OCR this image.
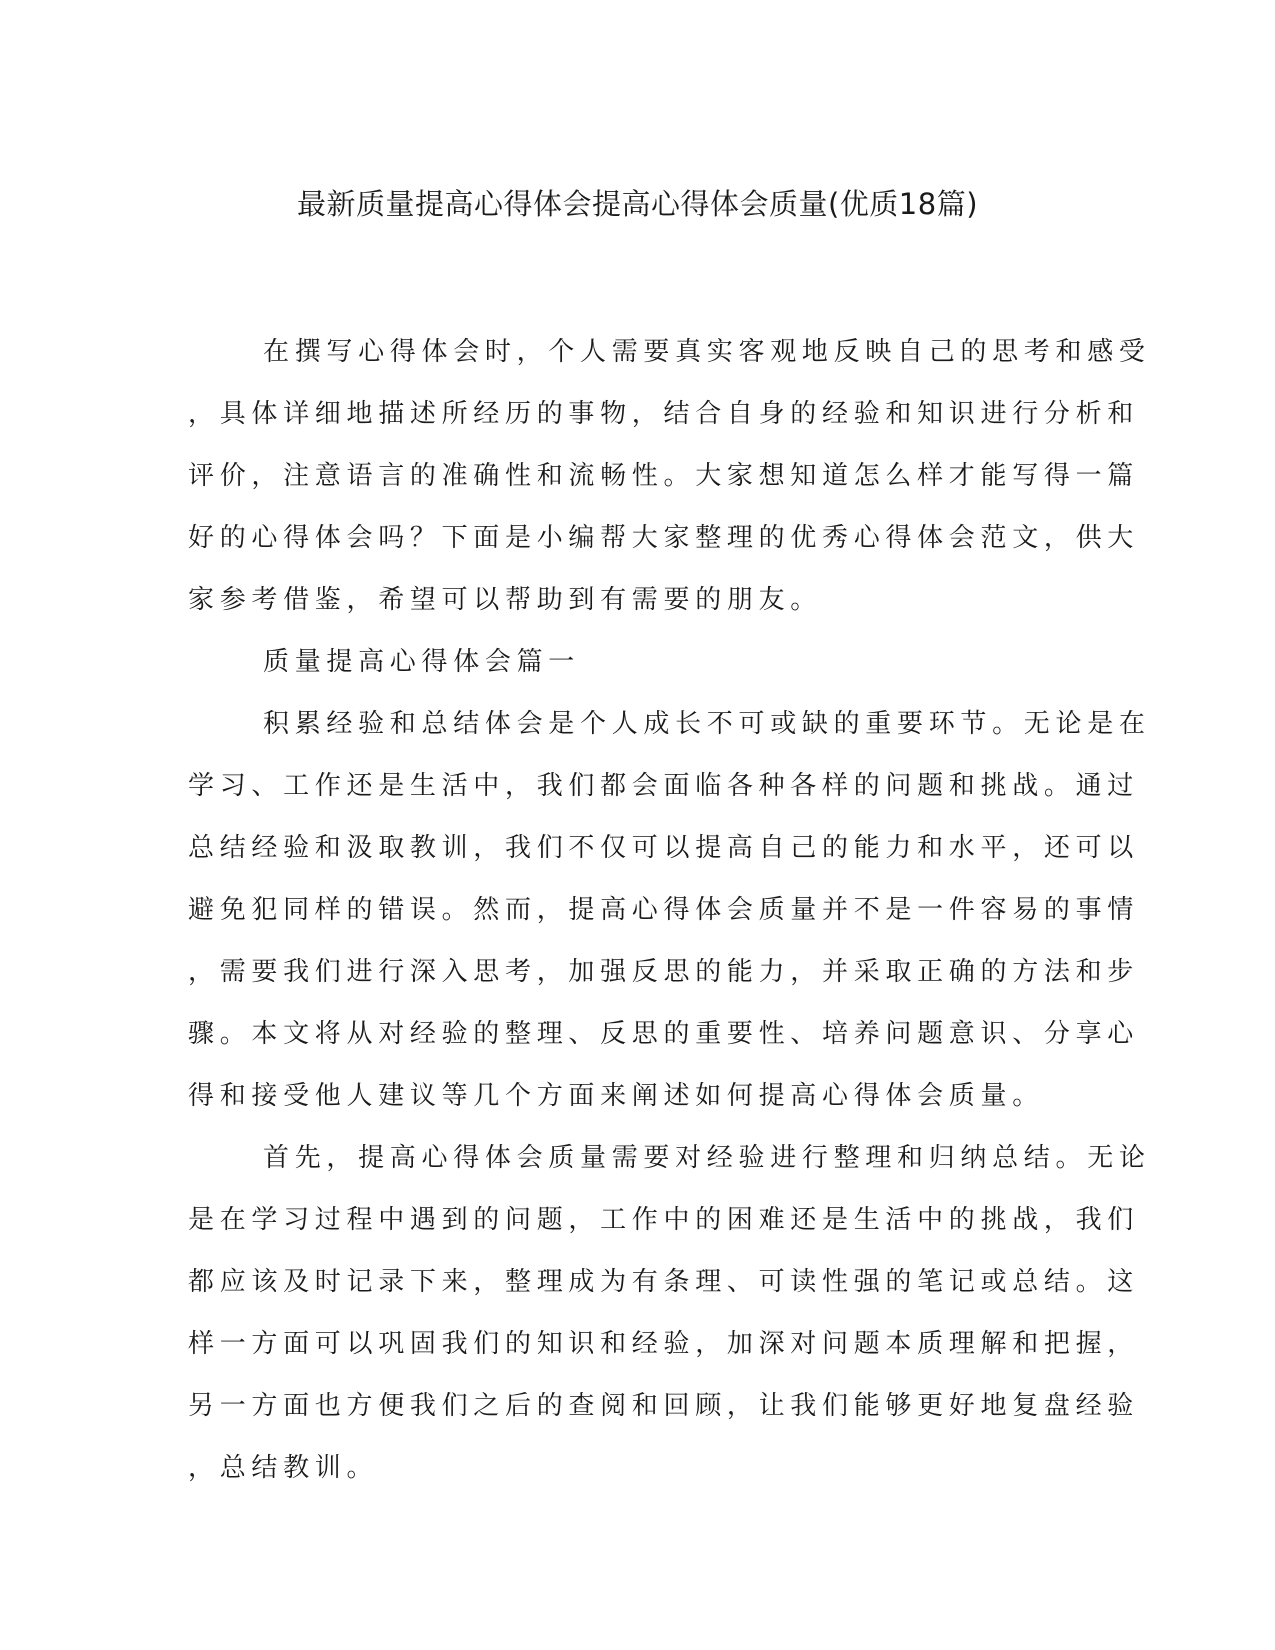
最新质量提高心得体会提高心得体会质量(优质18篇)
在撰写心得体会时，个人需要真实客观地反映自己的思考和感受
，具体详细地描述所经历的事物，结合自身的经验和知识进行分析和
评价，注意语言的准确性和流畅性。大家想知道怎么样才能写得一篇
好的心得体会吗？下面是小编帮大家整理的优秀心得体会范文，供大
家参考借鉴，希望可以帮助到有需要的朋友。
质量提高心得体会篇一
积累经验和总结体会是个人成长不可或缺的重要环节。无论是在
学习、工作还是生活中，我们都会面临各种各样的问题和挑战。通过
总结经验和汲取教训，我们不仅可以提高自己的能力和水平，还可以
避免犯同样的错误。然而，提高心得体会质量并不是一件容易的事情
，需要我们进行深入思考，加强反思的能力，并采取正确的方法和步
骤。本文将从对经验的整理、反思的重要性、培养问题意识、分享心
得和接受他人建议等几个方面来阐述如何提高心得体会质量。
首先，提高心得体会质量需要对经验进行整理和归纳总结。无论
是在学习过程中遇到的问题，工作中的困难还是生活中的挑战，我们
都应该及时记录下来，整理成为有条理、可读性强的笔记或总结。这
样一方面可以巩固我们的知识和经验，加深对问题本质理解和把握，
另一方面也方便我们之后的查阅和回顾，让我们能够更好地复盘经验
，总结教训。
